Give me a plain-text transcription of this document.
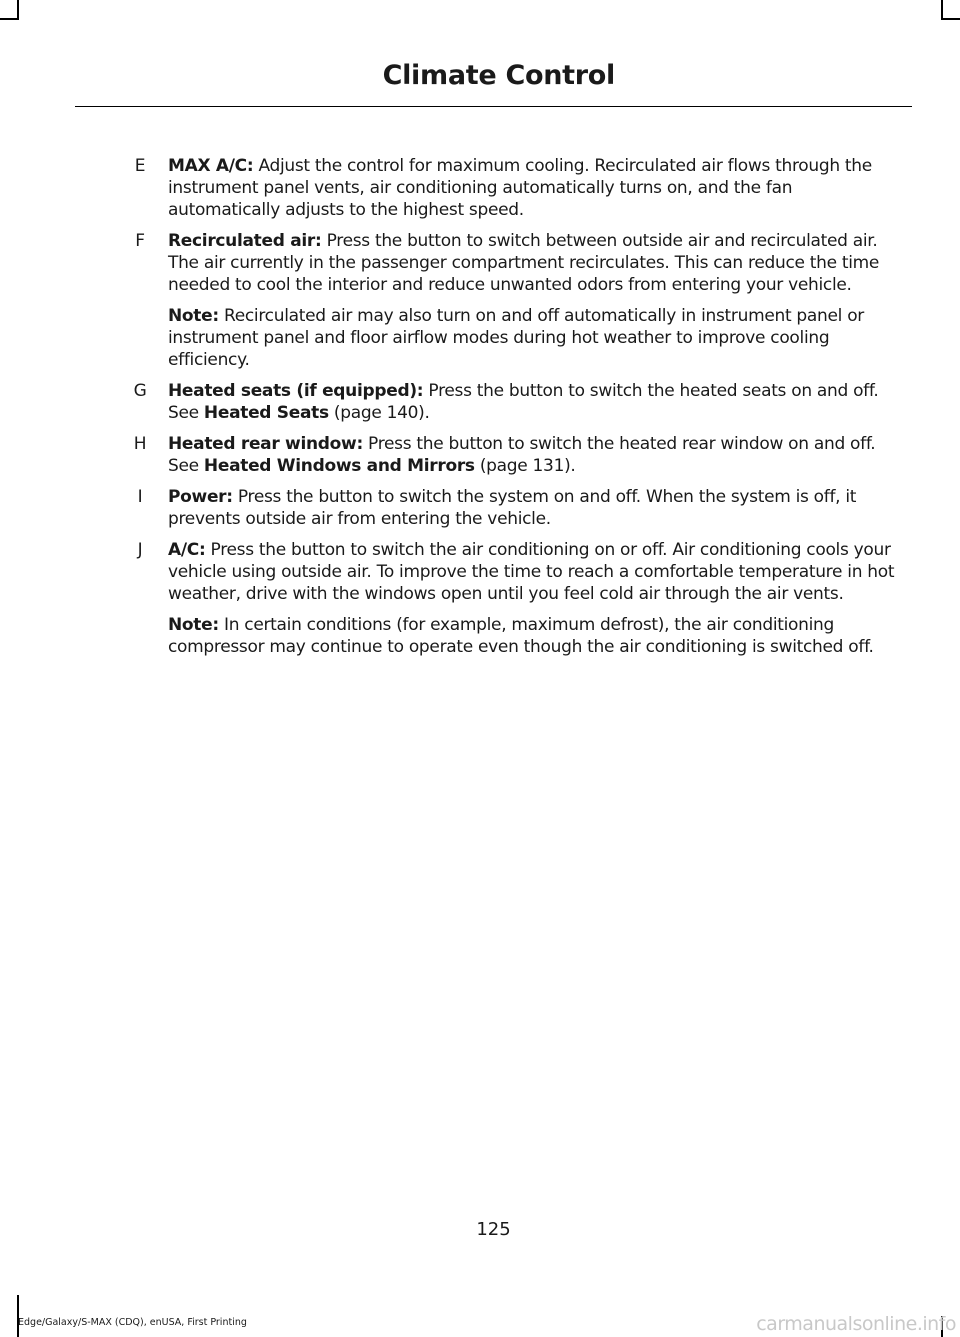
Climate Control
E	MAX A/C: Adjust the control for maximum cooling. Recirculated air flows through the instrument panel vents, air conditioning automatically turns on, and the fan automatically adjusts to the highest speed.
F	Recirculated air: Press the button to switch between outside air and recirculated air. The air currently in the passenger compartment recirculates. This can reduce the time needed to cool the interior and reduce unwanted odors from entering your vehicle.
Note: Recirculated air may also turn on and off automatically in instrument panel or instrument panel and floor airflow modes during hot weather to improve cooling efficiency.
G	Heated seats (if equipped): Press the button to switch the heated seats on and off. See Heated Seats (page 140).
H	Heated rear window: Press the button to switch the heated rear window on and off. See Heated Windows and Mirrors (page 131).
I	Power: Press the button to switch the system on and off. When the system is off, it prevents outside air from entering the vehicle.
J	A/C: Press the button to switch the air conditioning on or off. Air conditioning cools your vehicle using outside air. To improve the time to reach a comfortable temperature in hot weather, drive with the windows open until you feel cold air through the air vents.
Note: In certain conditions (for example, maximum defrost), the air conditioning compressor may continue to operate even though the air conditioning is switched off.
125
Edge/Galaxy/S-MAX (CDQ), enUSA, First Printing	carmanualsonline.info
